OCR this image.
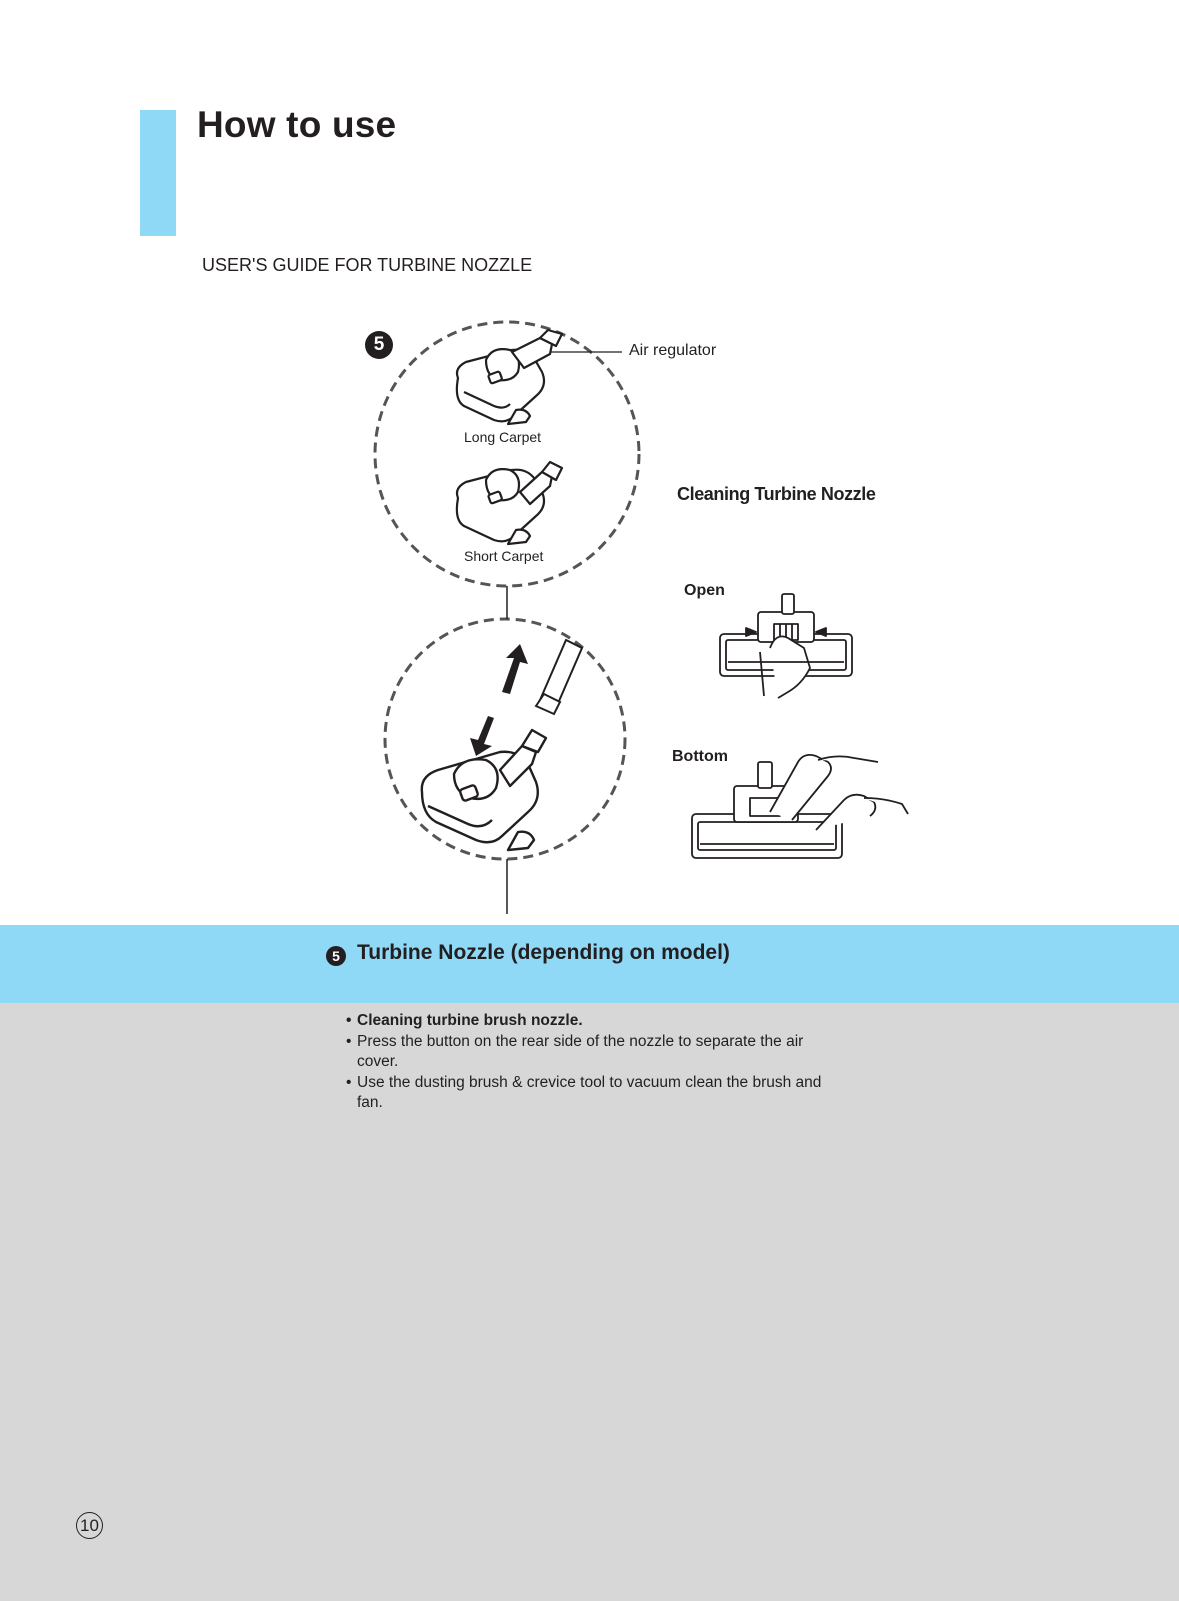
How to use
USER'S GUIDE FOR TURBINE NOZZLE
5	Air regulator
Long Carpet
Short Carpet
Cleaning Turbine Nozzle
Open
Bottom
5 Turbine Nozzle (depending on model)
• Cleaning turbine brush nozzle.
• Press the button on the rear side of the nozzle to separate the air cover.
• Use the dusting brush & crevice tool to vacuum clean the brush and fan.
10
